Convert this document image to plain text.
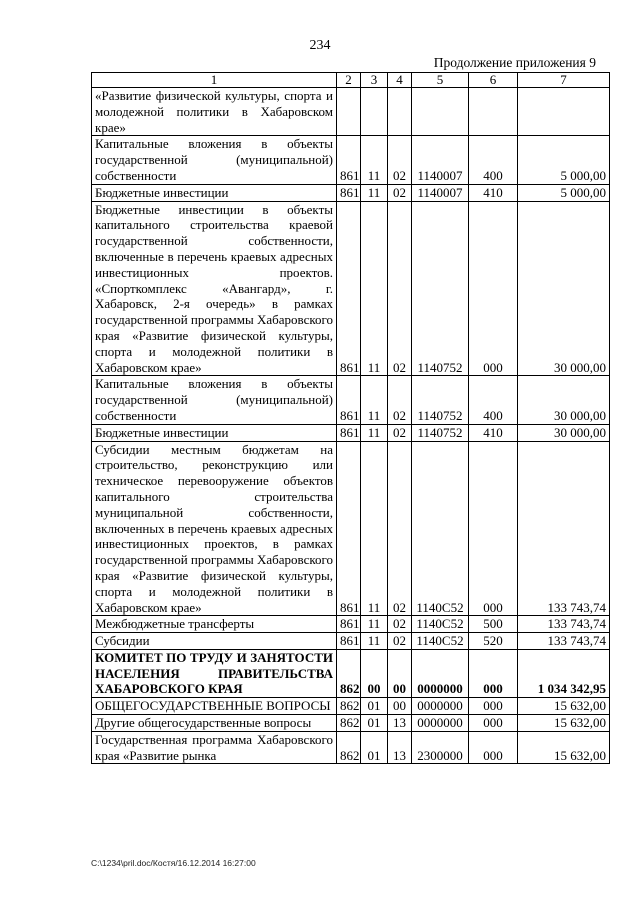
234
Продолжение приложения 9
1	2	3	4	5	6	7
«Развитие физической культуры, спорта и молодежной политики в Хабаровском крае»						
Капитальные вложения в объекты государственной (муниципальной) собственности	861	11	02	1140007	400	5 000,00
Бюджетные инвестиции	861	11	02	1140007	410	5 000,00
Бюджетные инвестиции в объекты капитального строительства краевой государственной собственности, включенные в перечень краевых адресных инвестиционных проектов. «Спорткомплекс «Авангард», г. Хабаровск, 2-я очередь» в рамках государственной программы Хабаровского края «Развитие физической культуры, спорта и молодежной политики в Хабаровском крае»	861	11	02	1140752	000	30 000,00
Капитальные вложения в объекты государственной (муниципальной) собственности	861	11	02	1140752	400	30 000,00
Бюджетные инвестиции	861	11	02	1140752	410	30 000,00
Субсидии местным бюджетам на строительство, реконструкцию или техническое перевооружение объектов капитального строительства муниципальной собственности, включенных в перечень краевых адресных инвестиционных проектов, в рамках государственной программы Хабаровского края «Развитие физической культуры, спорта и молодежной политики в Хабаровском крае»	861	11	02	1140С52	000	133 743,74
Межбюджетные трансферты	861	11	02	1140С52	500	133 743,74
Субсидии	861	11	02	1140С52	520	133 743,74
КОМИТЕТ ПО ТРУДУ И ЗАНЯТОСТИ НАСЕЛЕНИЯ ПРАВИТЕЛЬСТВА ХАБАРОВСКОГО КРАЯ	862	00	00	0000000	000	1 034 342,95
ОБЩЕГОСУДАРСТВЕННЫЕ ВОПРОСЫ	862	01	00	0000000	000	15 632,00
Другие общегосударственные вопросы	862	01	13	0000000	000	15 632,00
Государственная программа Хабаровского края «Развитие рынка	862	01	13	2300000	000	15 632,00
C:\1234\pril.doc/Костя/16.12.2014 16:27:00
